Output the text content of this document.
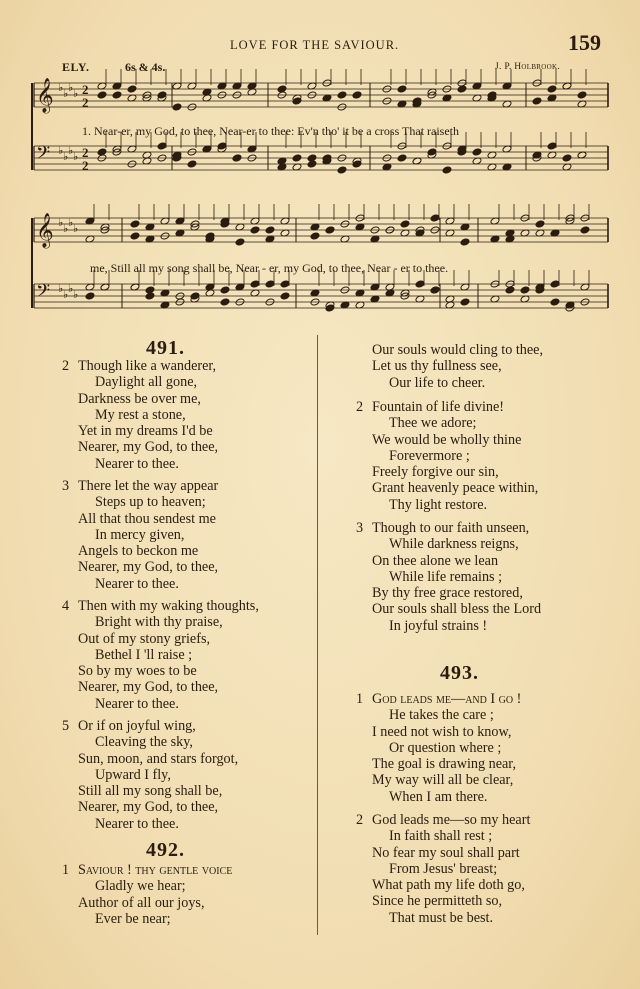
LOVE FOR THE SAVIOUR.	159
ELY.	6s & 4s.	J. P. Holbrook.
𝄞
𝄢
𝄞
𝄢
♭ ♭ ♭ ♭
♭ ♭ ♭ ♭
♭ ♭ ♭ ♭
♭ ♭ ♭ ♭
2
2
2
2
1. Near-er, my God, to thee, Near-er to thee: Ev'n tho' it be a cross That raiseth
me, Still all my song shall be, Near - er, my God, to thee, Near - er to thee.
491.
2 Though like a wanderer,
Daylight all gone,
Darkness be over me,
My rest a stone,
Yet in my dreams I'd be
Nearer, my God, to thee,
Nearer to thee.
3 There let the way appear
Steps up to heaven;
All that thou sendest me
In mercy given,
Angels to beckon me
Nearer, my God, to thee,
Nearer to thee.
4 Then with my waking thoughts,
Bright with thy praise,
Out of my stony griefs,
Bethel I 'll raise ;
So by my woes to be
Nearer, my God, to thee,
Nearer to thee.
5 Or if on joyful wing,
Cleaving the sky,
Sun, moon, and stars forgot,
Upward I fly,
Still all my song shall be,
Nearer, my God, to thee,
Nearer to thee.
492.
1 Saviour ! thy gentle voice
Gladly we hear;
Author of all our joys,
Ever be near;
Our souls would cling to thee,
Let us thy fullness see,
Our life to cheer.
2 Fountain of life divine!
Thee we adore;
We would be wholly thine
Forevermore ;
Freely forgive our sin,
Grant heavenly peace within,
Thy light restore.
3 Though to our faith unseen,
While darkness reigns,
On thee alone we lean
While life remains ;
By thy free grace restored,
Our souls shall bless the Lord
In joyful strains !
493.
1 God leads me—and I go !
He takes the care ;
I need not wish to know,
Or question where ;
The goal is drawing near,
My way will all be clear,
When I am there.
2 God leads me—so my heart
In faith shall rest ;
No fear my soul shall part
From Jesus' breast;
What path my life doth go,
Since he permitteth so,
That must be best.
